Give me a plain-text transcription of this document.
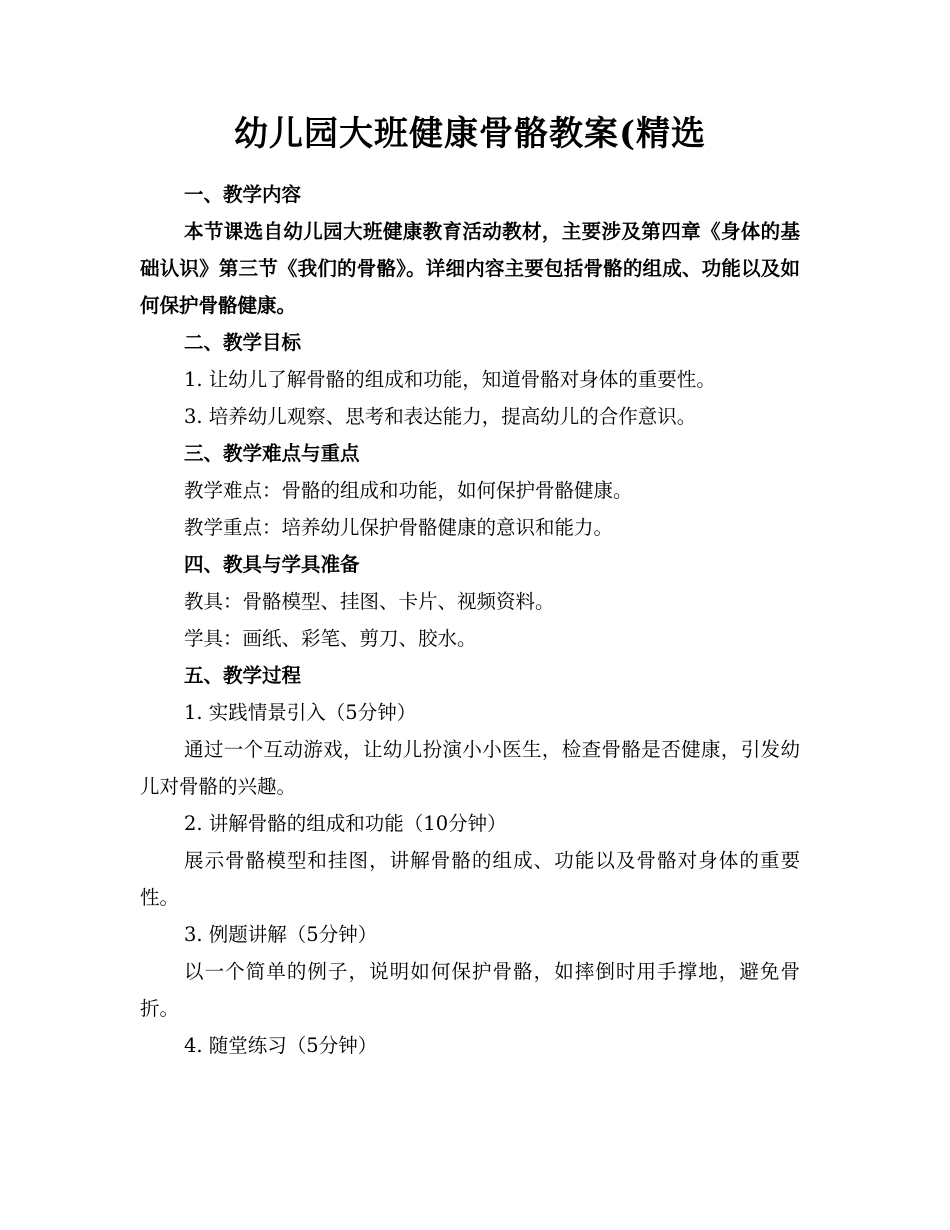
幼儿园大班健康骨骼教案(精选

一、教学内容

本节课选自幼儿园大班健康教育活动教材，主要涉及第四章《身体的基础认识》第三节《我们的骨骼》。详细内容主要包括骨骼的组成、功能以及如何保护骨骼健康。

二、教学目标

1. 让幼儿了解骨骼的组成和功能，知道骨骼对身体的重要性。

3. 培养幼儿观察、思考和表达能力，提高幼儿的合作意识。

三、教学难点与重点

教学难点：骨骼的组成和功能，如何保护骨骼健康。

教学重点：培养幼儿保护骨骼健康的意识和能力。

四、教具与学具准备

教具：骨骼模型、挂图、卡片、视频资料。

学具：画纸、彩笔、剪刀、胶水。

五、教学过程

1. 实践情景引入（5分钟）

通过一个互动游戏，让幼儿扮演小小医生，检查骨骼是否健康，引发幼儿对骨骼的兴趣。

2. 讲解骨骼的组成和功能（10分钟）

展示骨骼模型和挂图，讲解骨骼的组成、功能以及骨骼对身体的重要性。

3. 例题讲解（5分钟）

以一个简单的例子，说明如何保护骨骼，如摔倒时用手撑地，避免骨折。

4. 随堂练习（5分钟）
